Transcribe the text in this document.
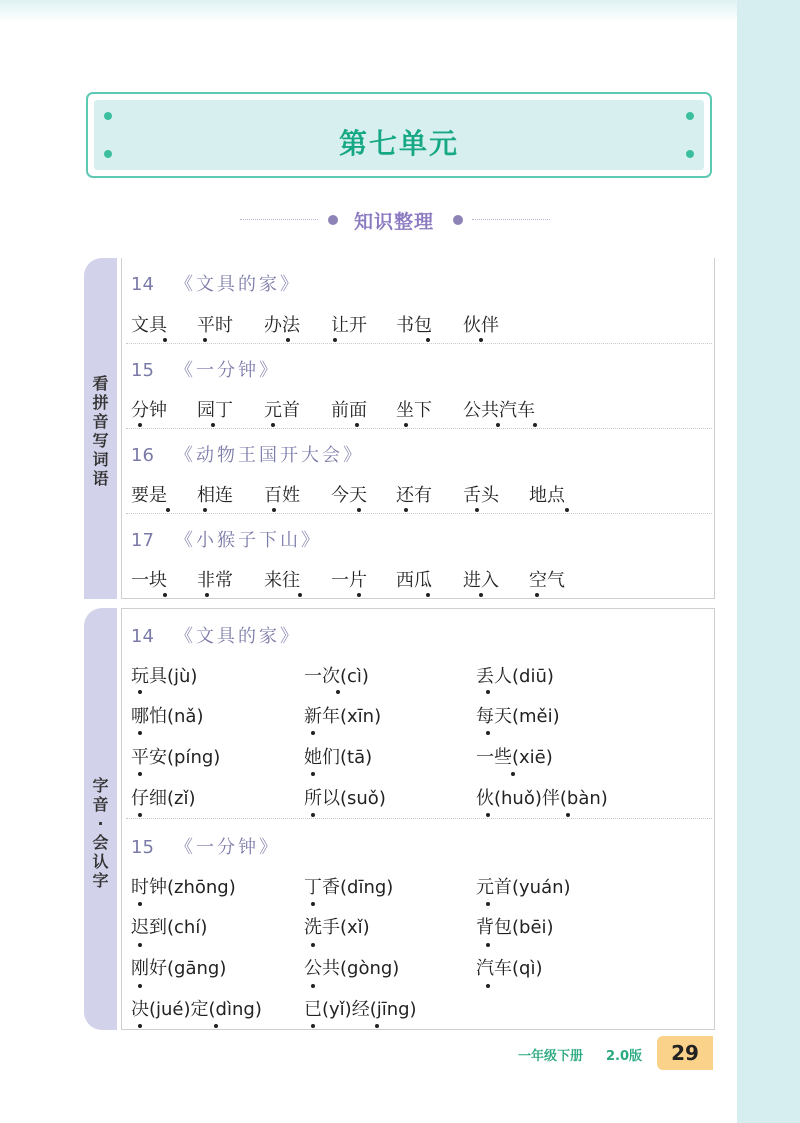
第七单元
知识整理
看
拼
音
写
词
语
14 《文具的家》
文具 平时 办法 让开 书包 伙伴
15 《一分钟》
分钟 园丁 元首 前面 坐下 公共汽车
16 《动物王国开大会》
要是 相连 百姓 今天 还有 舌头 地点
17 《小猴子下山》
一块 非常 来往 一片 西瓜 进入 空气
字
音
·
会
认
字
14 《文具的家》
15 《一分钟》
玩具(jù)	一次(cì)	丢人(diū)
哪怕(nǎ)	新年(xīn)	每天(měi)
平安(píng)	她们(tā)	一些(xiē)
仔细(zǐ)	所以(suǒ)	伙(huǒ)伴(bàn)
时钟(zhōng)	丁香(dīng)	元首(yuán)
迟到(chí)	洗手(xǐ)	背包(bēi)
刚好(gāng)	公共(gòng)	汽车(qì)
决(jué)定(dìng) 已(yǐ)经(jīng)
一年级下册 2.0版	29
